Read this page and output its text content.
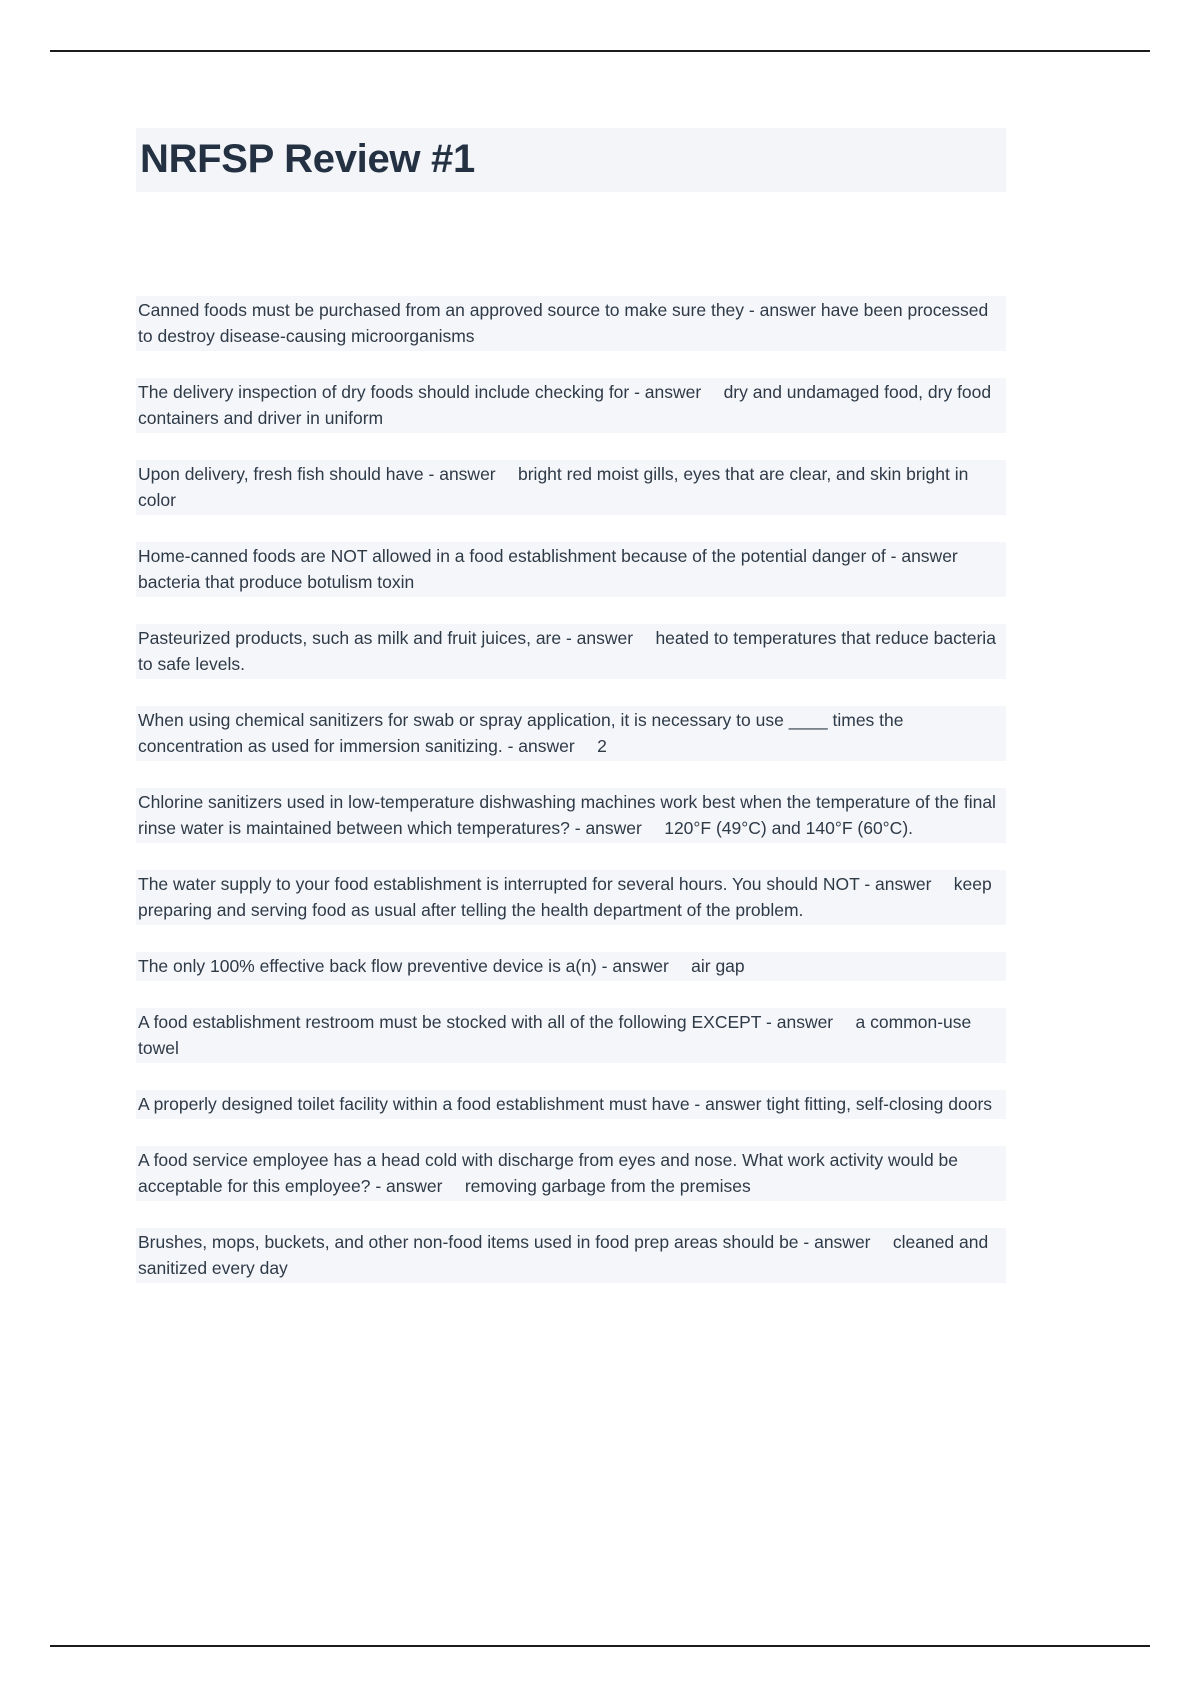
NRFSP Review #1

Canned foods must be purchased from an approved source to make sure they - answer have been processed to destroy disease-causing microorganisms

The delivery inspection of dry foods should include checking for - answer  dry and undamaged food, dry food containers and driver in uniform

Upon delivery, fresh fish should have - answer  bright red moist gills, eyes that are clear, and skin bright in color

Home-canned foods are NOT allowed in a food establishment because of the potential danger of - answer  bacteria that produce botulism toxin

Pasteurized products, such as milk and fruit juices, are - answer  heated to temperatures that reduce bacteria to safe levels.

When using chemical sanitizers for swab or spray application, it is necessary to use ____ times the concentration as used for immersion sanitizing. - answer  2

Chlorine sanitizers used in low-temperature dishwashing machines work best when the temperature of the final rinse water is maintained between which temperatures? - answer  120°F (49°C) and 140°F (60°C).

The water supply to your food establishment is interrupted for several hours. You should NOT - answer  keep preparing and serving food as usual after telling the health department of the problem.

The only 100% effective back flow preventive device is a(n) - answer  air gap

A food establishment restroom must be stocked with all of the following EXCEPT - answer  a common-use towel

A properly designed toilet facility within a food establishment must have - answer tight fitting, self-closing doors

A food service employee has a head cold with discharge from eyes and nose. What work activity would be acceptable for this employee? - answer  removing garbage from the premises

Brushes, mops, buckets, and other non-food items used in food prep areas should be - answer  cleaned and sanitized every day
